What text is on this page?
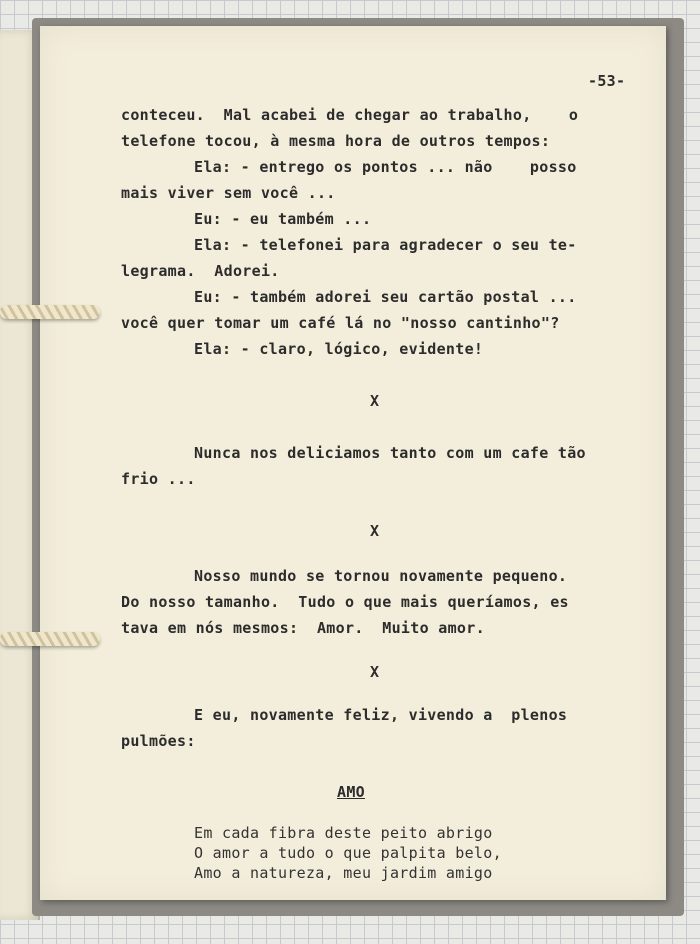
-53-

conteceu.  Mal acabei de chegar ao trabalho,    o

telefone tocou, à mesma hora de outros tempos:

Ela: - entrego os pontos ... não    posso

mais viver sem você ...

Eu: - eu também ...

Ela: - telefonei para agradecer o seu te-

legrama.  Adorei.

Eu: - também adorei seu cartão postal ...

você quer tomar um café lá no "nosso cantinho"?

Ela: - claro, lógico, evidente!

X

Nunca nos deliciamos tanto com um cafe tão

frio ...

X

Nosso mundo se tornou novamente pequeno.

Do nosso tamanho.  Tudo o que mais queríamos, es

tava em nós mesmos:  Amor.  Muito amor.

X

E eu, novamente feliz, vivendo a  plenos

pulmões:

AMO

Em cada fibra deste peito abrigo

O amor a tudo o que palpita belo,

Amo a natureza, meu jardim amigo
